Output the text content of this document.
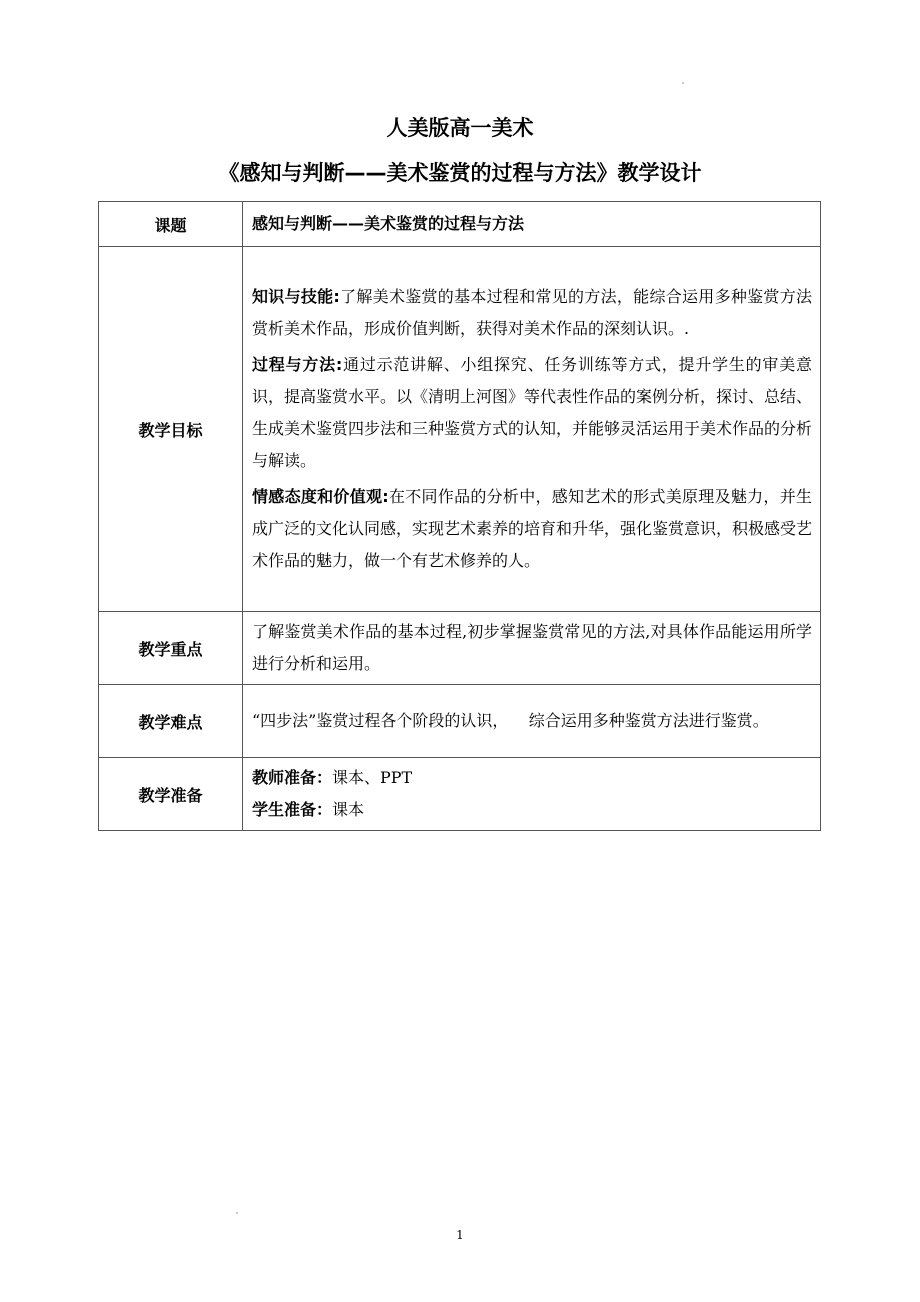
人美版高一美术
《感知与判断——美术鉴赏的过程与方法》教学设计
课题	感知与判断——美术鉴赏的过程与方法
教学目标	知识与技能:了解美术鉴赏的基本过程和常见的方法，能综合运用多种鉴赏方法赏析美术作品，形成价值判断，获得对美术作品的深刻认识。.

过程与方法:通过示范讲解、小组探究、任务训练等方式，提升学生的审美意识，提高鉴赏水平。以《清明上河图》等代表性作品的案例分析，探讨、总结、生成美术鉴赏四步法和三种鉴赏方式的认知，并能够灵活运用于美术作品的分析与解读。

情感态度和价值观:在不同作品的分析中，感知艺术的形式美原理及魅力，并生成广泛的文化认同感，实现艺术素养的培育和升华，强化鉴赏意识，积极感受艺术作品的魅力，做一个有艺术修养的人。

教学重点	了解鉴赏美术作品的基本过程,初步掌握鉴赏常见的方法,对具体作品能运用所学进行分析和运用。
教学难点	“四步法”鉴赏过程各个阶段的认识，    综合运用多种鉴赏方法进行鉴赏。
教学准备	教师准备：课本、PPT
学生准备：课本
1
